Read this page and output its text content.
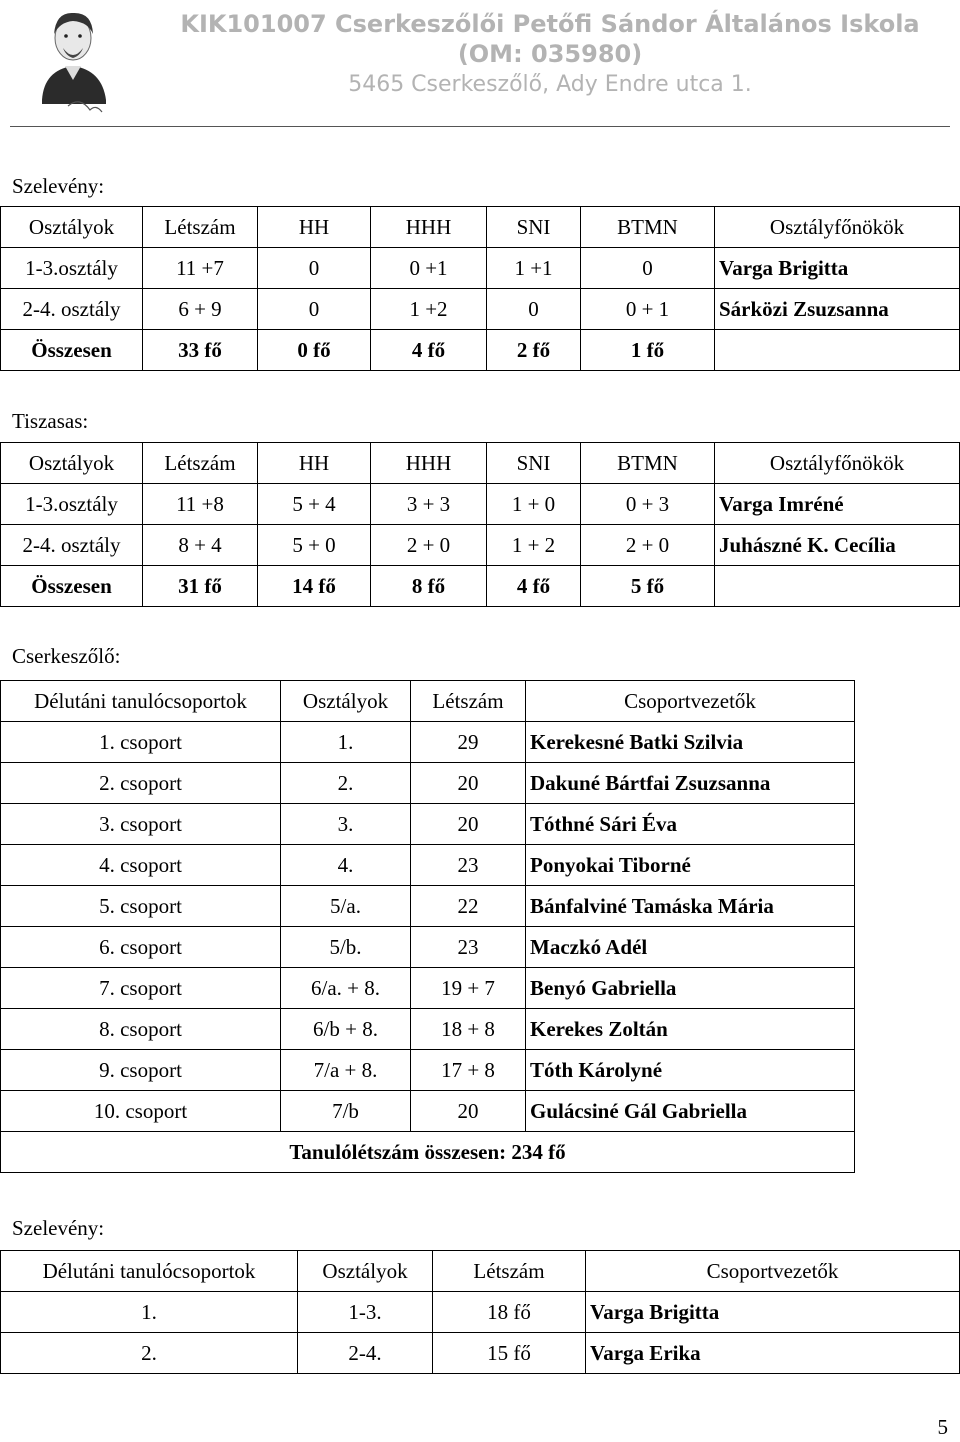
KIK101007 Cserkeszőlői Petőfi Sándor Általános Iskola
(OM: 035980)
5465 Cserkeszőlő, Ady Endre utca 1.
Szelevény:
Osztályok	Létszám	HH	HHH	SNI	BTMN	Osztályfőnökök
1-3.osztály	11 +7	0	0 +1	1 +1	0	Varga Brigitta
2-4. osztály	6 + 9	0	1 +2	0	0 + 1	Sárközi Zsuzsanna
Összesen	33 fő	0 fő	4 fő	2 fő	1 fő	
Tiszasas:
Osztályok	Létszám	HH	HHH	SNI	BTMN	Osztályfőnökök
1-3.osztály	11 +8	5 + 4	3 + 3	1 + 0	0 + 3	Varga Imréné
2-4. osztály	8 + 4	5 + 0	2 + 0	1 + 2	2 + 0	Juhászné K. Cecília
Összesen	31 fő	14 fő	8 fő	4 fő	5 fő	
Cserkeszőlő:
Délutáni tanulócsoportok	Osztályok	Létszám	Csoportvezetők
1. csoport	1.	29	Kerekesné Batki Szilvia
2. csoport	2.	20	Dakuné Bártfai Zsuzsanna
3. csoport	3.	20	Tóthné Sári Éva
4. csoport	4.	23	Ponyokai Tiborné
5. csoport	5/a.	22	Bánfalviné Tamáska Mária
6. csoport	5/b.	23	Maczkó Adél
7. csoport	6/a. + 8.	19 + 7	Benyó Gabriella
8. csoport	6/b + 8.	18 + 8	Kerekes Zoltán
9. csoport	7/a + 8.	17 + 8	Tóth Károlyné
10. csoport	7/b	20	Gulácsiné Gál Gabriella
Tanulólétszám összesen: 234 fő			
Szelevény:
Délutáni tanulócsoportok	Osztályok	Létszám	Csoportvezetők
1.	1-3.	18 fő	Varga Brigitta
2.	2-4.	15 fő	Varga Erika
5
